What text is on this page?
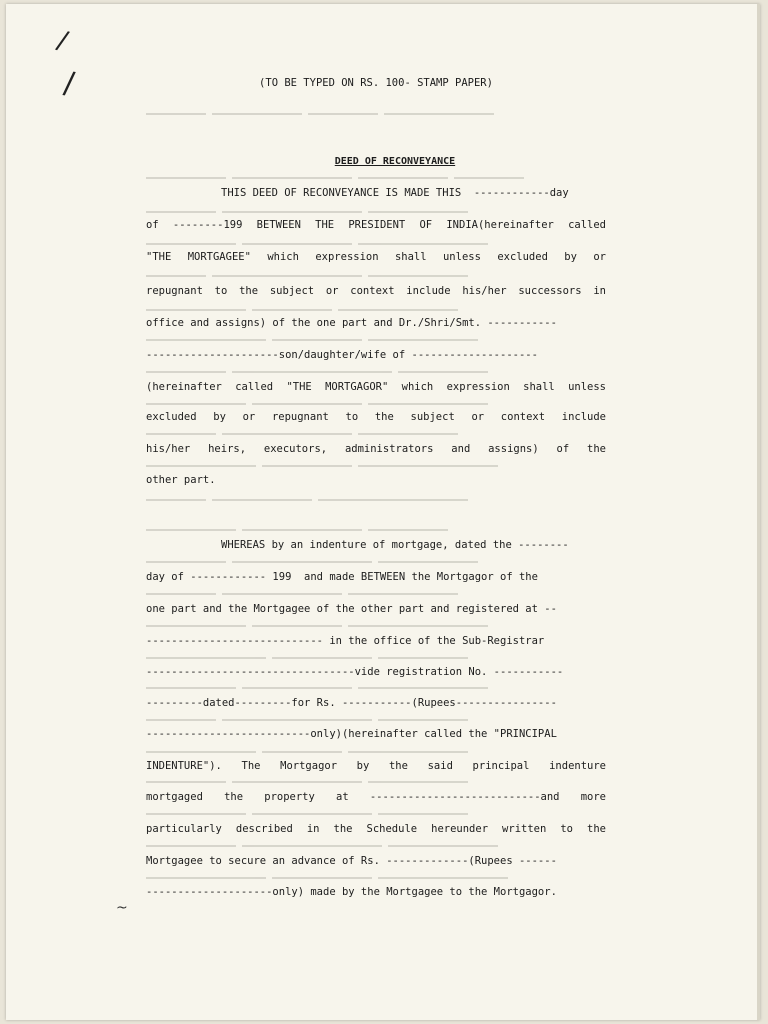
/
/
~
(TO BE TYPED ON RS. 100- STAMP PAPER)

DEED OF RECONVEYANCE

THIS DEED OF RECONVEYANCE IS MADE THIS  ------------day
of --------199 BETWEEN THE PRESIDENT OF INDIA(hereinafter called
"THE MORTGAGEE" which expression shall unless excluded by or
repugnant to the subject or context include his/her successors in
office and assigns) of the one part and Dr./Shri/Smt. -----------
---------------------son/daughter/wife of --------------------
(hereinafter called "THE MORTGAGOR" which expression shall unless
excluded by or repugnant to the subject or context include
his/her heirs, executors, administrators and assigns) of the
other part.
WHEREAS by an indenture of mortgage, dated the --------
day of ------------ 199  and made BETWEEN the Mortgagor of the
one part and the Mortgagee of the other part and registered at --
---------------------------- in the office of the Sub-Registrar
---------------------------------vide registration No. -----------
---------dated---------for Rs. -----------(Rupees----------------
--------------------------only)(hereinafter called the "PRINCIPAL
INDENTURE"). The Mortgagor by the said principal indenture
mortgaged the property at ---------------------------and more
particularly described in the Schedule hereunder written to the
Mortgagee to secure an advance of Rs. -------------(Rupees ------
--------------------only) made by the Mortgagee to the Mortgagor.
